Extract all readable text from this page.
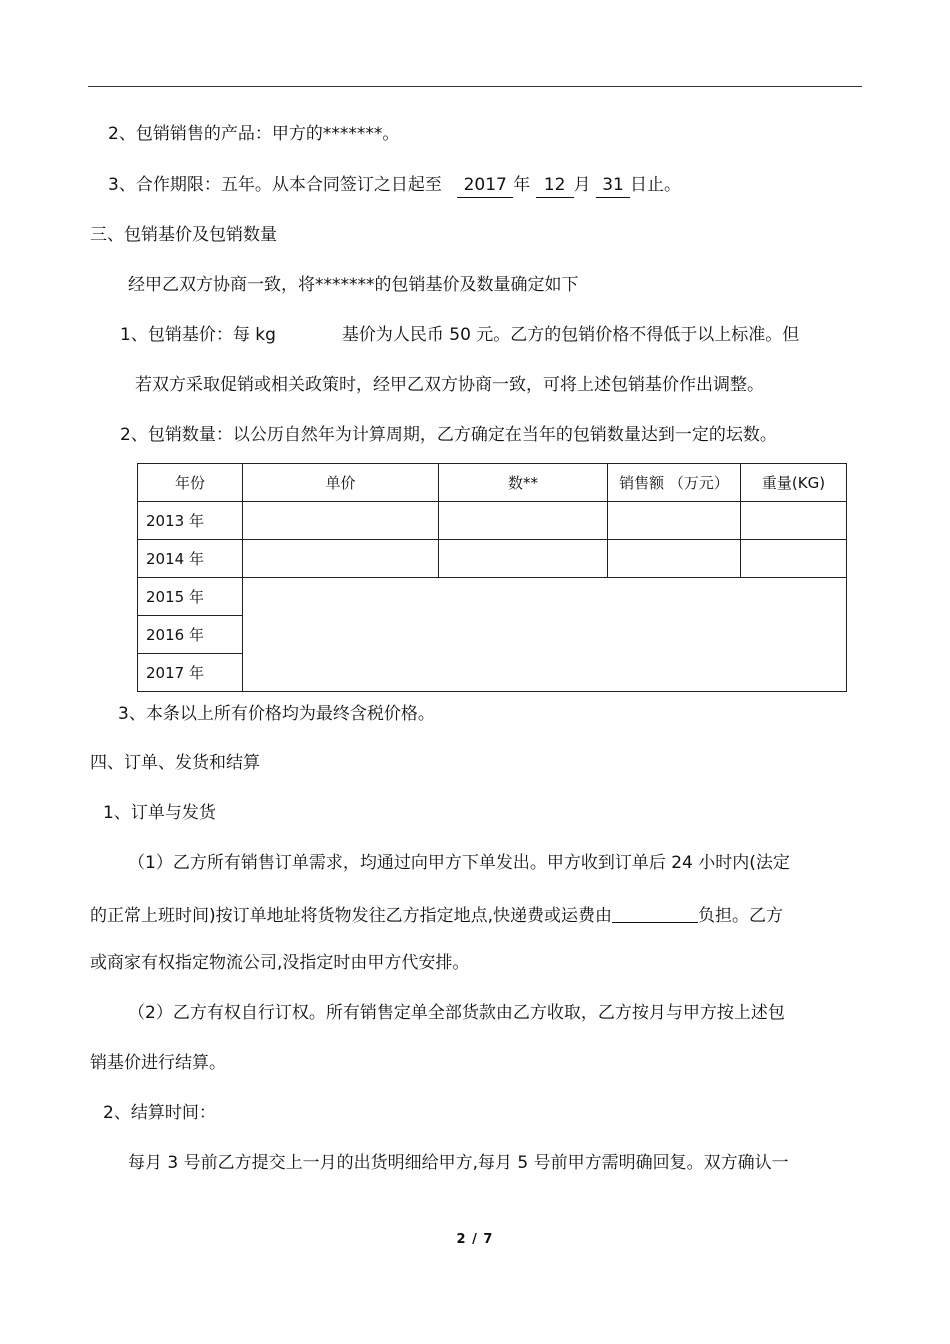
2、包销销售的产品：甲方的*******。
3、合作期限：五年。从本合同签订之日起至 2017 年 12 月 31 日止。
三、包销基价及包销数量
经甲乙双方协商一致，将*******的包销基价及数量确定如下
1、包销基价：每 kg	基价为人民币 50 元。乙方的包销价格不得低于以上标准。但
若双方采取促销或相关政策时，经甲乙双方协商一致，可将上述包销基价作出调整。
2、包销数量：以公历自然年为计算周期，乙方确定在当年的包销数量达到一定的坛数。
年份	单价	数**	销售额 （万元）	重量(KG)
2013 年				
2014 年				
2015 年				
2016 年				
2017 年				
3、本条以上所有价格均为最终含税价格。
四、订单、发货和结算
1、订单与发货
（1）乙方所有销售订单需求，均通过向甲方下单发出。甲方收到订单后 24 小时内(法定
的正常上班时间)按订单地址将货物发往乙方指定地点,快递费或运费由	负担。乙方
或商家有权指定物流公司,没指定时由甲方代安排。
（2）乙方有权自行订权。所有销售定单全部货款由乙方收取，乙方按月与甲方按上述包
销基价进行结算。
2、结算时间：
每月 3 号前乙方提交上一月的出货明细给甲方,每月 5 号前甲方需明确回复。双方确认一
2 / 7
